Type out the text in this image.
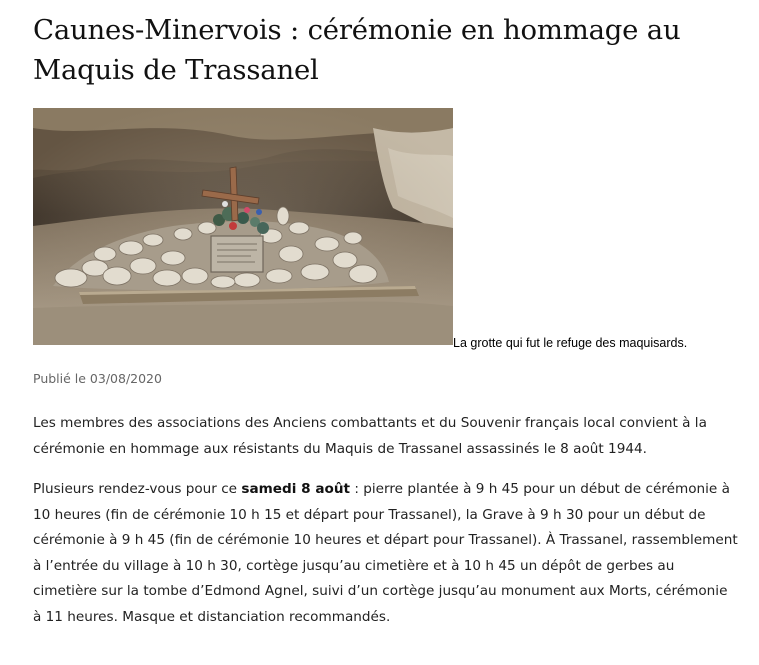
Caunes-Minervois : cérémonie en hommage au Maquis de Trassanel
La grotte qui fut le refuge des maquisards.
Publié le 03/08/2020

Les membres des associations des Anciens combattants et du Souvenir français local convient à la cérémonie en hommage aux résistants du Maquis de Trassanel assassinés le 8 août 1944.

Plusieurs rendez-vous pour ce samedi 8 août : pierre plantée à 9 h 45 pour un début de cérémonie à 10 heures (fin de cérémonie 10 h 15 et départ pour Trassanel), la Grave à 9 h 30 pour un début de cérémonie à 9 h 45 (fin de cérémonie 10 heures et départ pour Trassanel). À Trassanel, rassemblement à l’entrée du village à 10 h 30, cortège jusqu’au cimetière et à 10 h 45 un dépôt de gerbes au cimetière sur la tombe d’Edmond Agnel, suivi d’un cortège jusqu’au monument aux Morts, cérémonie à 11 heures. Masque et distanciation recommandés.
